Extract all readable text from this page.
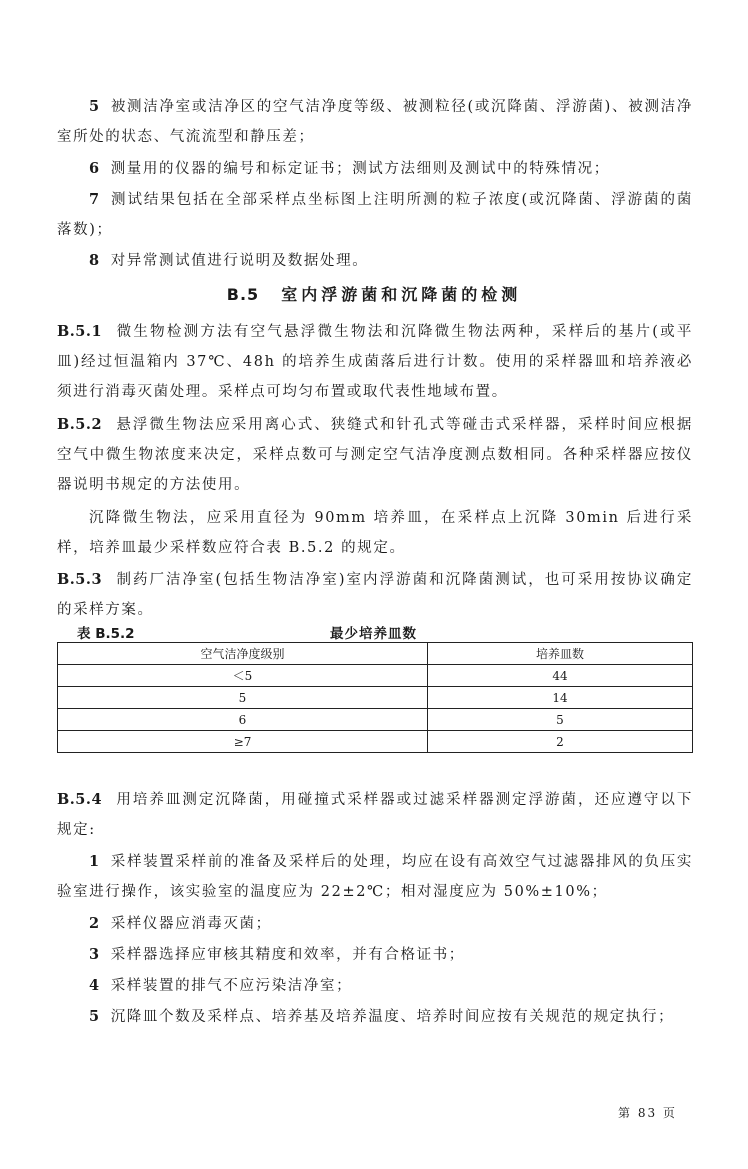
5 被测洁净室或洁净区的空气洁净度等级、被测粒径(或沉降菌、浮游菌)、被测洁净室所处的状态、气流流型和静压差；

6 测量用的仪器的编号和标定证书；测试方法细则及测试中的特殊情况；

7 测试结果包括在全部采样点坐标图上注明所测的粒子浓度(或沉降菌、浮游菌的菌落数)；

8 对异常测试值进行说明及数据处理。

B.5 室内浮游菌和沉降菌的检测

B.5.1 微生物检测方法有空气悬浮微生物法和沉降微生物法两种，采样后的基片(或平皿)经过恒温箱内 37℃、48h 的培养生成菌落后进行计数。使用的采样器皿和培养液必须进行消毒灭菌处理。采样点可均匀布置或取代表性地域布置。

B.5.2 悬浮微生物法应采用离心式、狭缝式和针孔式等碰击式采样器，采样时间应根据空气中微生物浓度来决定，采样点数可与测定空气洁净度测点数相同。各种采样器应按仪器说明书规定的方法使用。

沉降微生物法，应采用直径为 90mm 培养皿，在采样点上沉降 30min 后进行采样，培养皿最少采样数应符合表 B.5.2 的规定。

B.5.3 制药厂洁净室(包括生物洁净室)室内浮游菌和沉降菌测试，也可采用按协议确定的采样方案。

表 B.5.2	最少培养皿数
空气洁净度级别	培养皿数
＜5	44
5	14
6	5
≥7	2

B.5.4 用培养皿测定沉降菌，用碰撞式采样器或过滤采样器测定浮游菌，还应遵守以下规定:

1 采样装置采样前的准备及采样后的处理，均应在设有高效空气过滤器排风的负压实验室进行操作，该实验室的温度应为 22±2℃；相对湿度应为 50%±10%；

2 采样仪器应消毒灭菌；

3 采样器选择应审核其精度和效率，并有合格证书；

4 采样装置的排气不应污染洁净室；

5 沉降皿个数及采样点、培养基及培养温度、培养时间应按有关规范的规定执行；

第 83 页
